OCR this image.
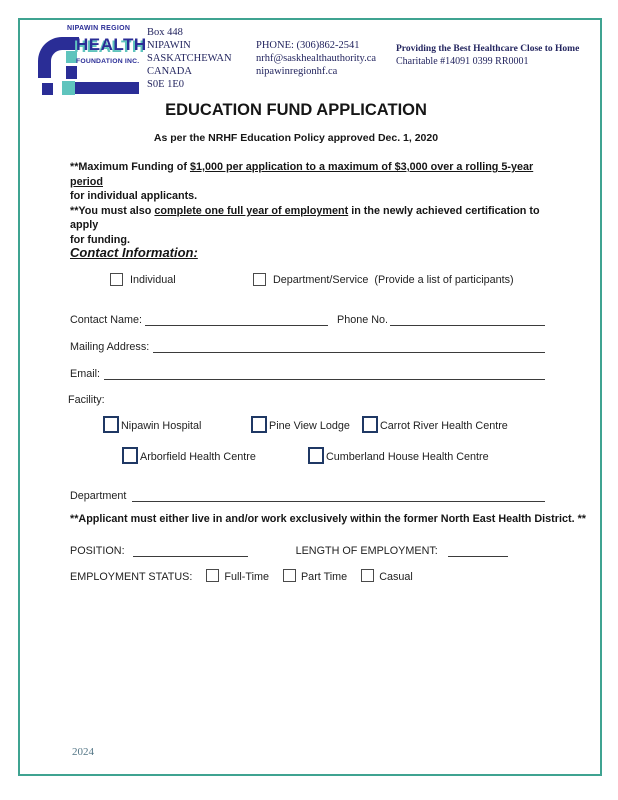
NIPAWIN REGION
HEALTH
FOUNDATION INC.
Box 448
NIPAWIN
SASKATCHEWAN
CANADA
S0E 1E0
PHONE: (306)862-2541
nrhf@saskhealthauthority.ca
nipawinregionhf.ca
Providing the Best Healthcare Close to Home
Charitable #14091 0399 RR0001
EDUCATION FUND APPLICATION
As per the NRHF Education Policy approved Dec. 1, 2020
**Maximum Funding of $1,000 per application to a maximum of $3,000 over a rolling 5-year period
for individual applicants.
**You must also complete one full year of employment in the newly achieved certification to apply
for funding.
Contact Information:
Individual	Department/Service  (Provide a list of participants)
Contact Name:	Phone No.
Mailing Address:
Email:
Facility:
Nipawin Hospital	Pine View Lodge	Carrot River Health Centre
Arborfield Health Centre	Cumberland House Health Centre
Department
**Applicant must either live in and/or work exclusively within the former North East Health District. **
POSITION:	LENGTH OF EMPLOYMENT:
EMPLOYMENT STATUS:	Full-Time	Part Time	Casual
2024
